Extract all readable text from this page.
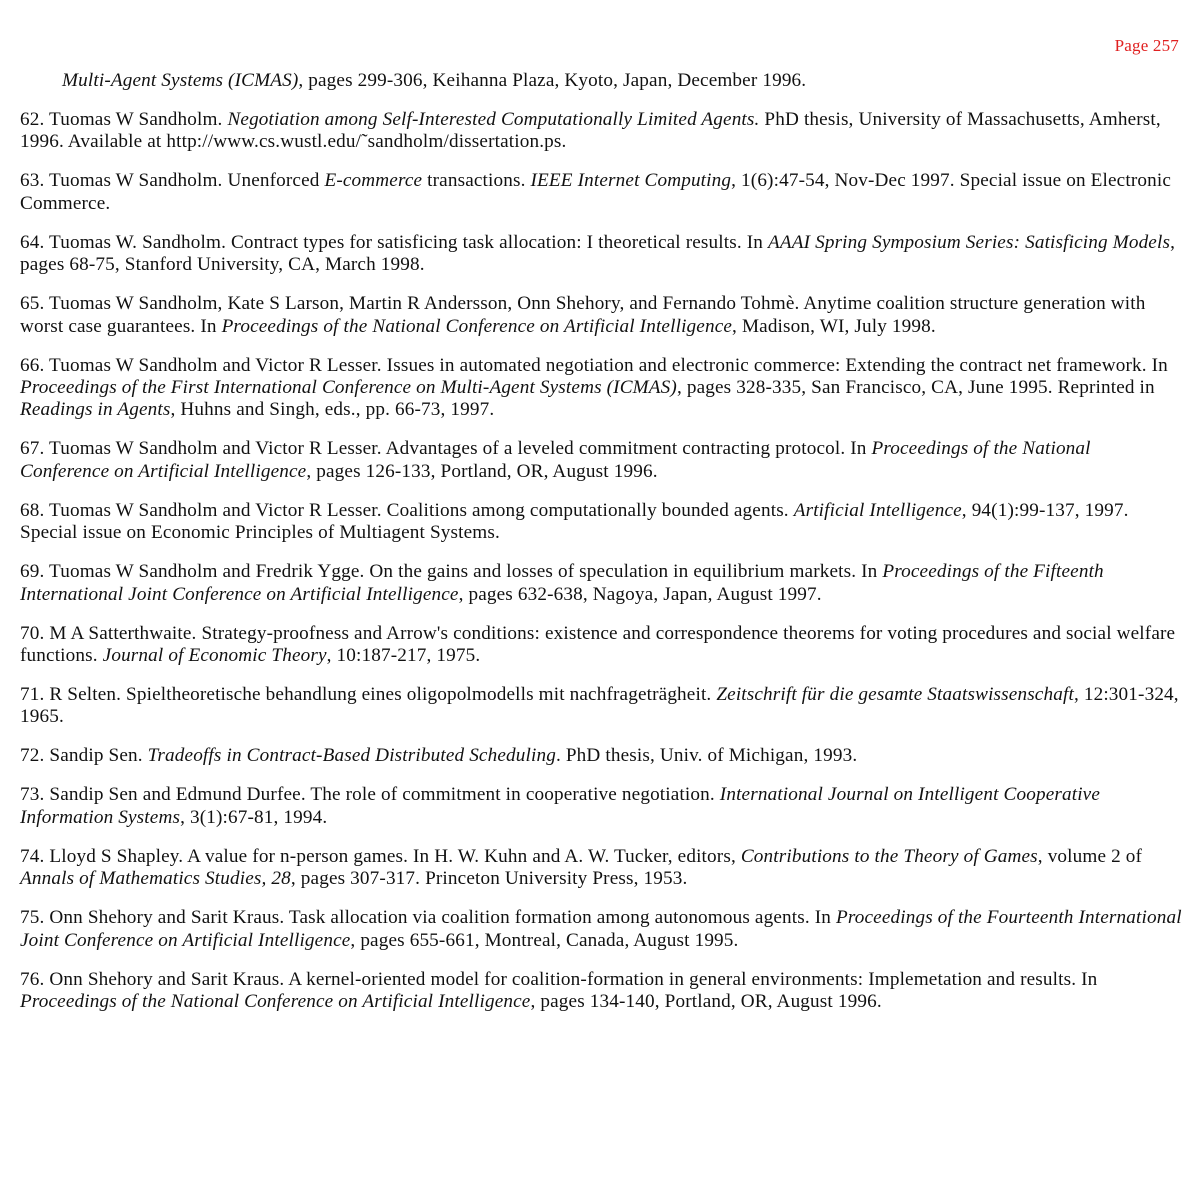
Page 257
Multi-Agent Systems (ICMAS), pages 299-306, Keihanna Plaza, Kyoto, Japan, December 1996.
62. Tuomas W Sandholm. Negotiation among Self-Interested Computationally Limited Agents. PhD thesis, University of Massachusetts, Amherst, 1996. Available at http://www.cs.wustl.edu/˜sandholm/dissertation.ps.
63. Tuomas W Sandholm. Unenforced E-commerce transactions. IEEE Internet Computing, 1(6):47-54, Nov-Dec 1997. Special issue on Electronic Commerce.
64. Tuomas W. Sandholm. Contract types for satisficing task allocation: I theoretical results. In AAAI Spring Symposium Series: Satisficing Models, pages 68-75, Stanford University, CA, March 1998.
65. Tuomas W Sandholm, Kate S Larson, Martin R Andersson, Onn Shehory, and Fernando Tohmè. Anytime coalition structure generation with worst case guarantees. In Proceedings of the National Conference on Artificial Intelligence, Madison, WI, July 1998.
66. Tuomas W Sandholm and Victor R Lesser. Issues in automated negotiation and electronic commerce: Extending the contract net framework. In Proceedings of the First International Conference on Multi-Agent Systems (ICMAS), pages 328-335, San Francisco, CA, June 1995. Reprinted in Readings in Agents, Huhns and Singh, eds., pp. 66-73, 1997.
67. Tuomas W Sandholm and Victor R Lesser. Advantages of a leveled commitment contracting protocol. In Proceedings of the National Conference on Artificial Intelligence, pages 126-133, Portland, OR, August 1996.
68. Tuomas W Sandholm and Victor R Lesser. Coalitions among computationally bounded agents. Artificial Intelligence, 94(1):99-137, 1997. Special issue on Economic Principles of Multiagent Systems.
69. Tuomas W Sandholm and Fredrik Ygge. On the gains and losses of speculation in equilibrium markets. In Proceedings of the Fifteenth International Joint Conference on Artificial Intelligence, pages 632-638, Nagoya, Japan, August 1997.
70. M A Satterthwaite. Strategy-proofness and Arrow's conditions: existence and correspondence theorems for voting procedures and social welfare functions. Journal of Economic Theory, 10:187-217, 1975.
71. R Selten. Spieltheoretische behandlung eines oligopolmodells mit nachfrageträgheit. Zeitschrift für die gesamte Staatswissenschaft, 12:301-324, 1965.
72. Sandip Sen. Tradeoffs in Contract-Based Distributed Scheduling. PhD thesis, Univ. of Michigan, 1993.
73. Sandip Sen and Edmund Durfee. The role of commitment in cooperative negotiation. International Journal on Intelligent Cooperative Information Systems, 3(1):67-81, 1994.
74. Lloyd S Shapley. A value for n-person games. In H. W. Kuhn and A. W. Tucker, editors, Contributions to the Theory of Games, volume 2 of Annals of Mathematics Studies, 28, pages 307-317. Princeton University Press, 1953.
75. Onn Shehory and Sarit Kraus. Task allocation via coalition formation among autonomous agents. In Proceedings of the Fourteenth International Joint Conference on Artificial Intelligence, pages 655-661, Montreal, Canada, August 1995.
76. Onn Shehory and Sarit Kraus. A kernel-oriented model for coalition-formation in general environments: Implemetation and results. In Proceedings of the National Conference on Artificial Intelligence, pages 134-140, Portland, OR, August 1996.
